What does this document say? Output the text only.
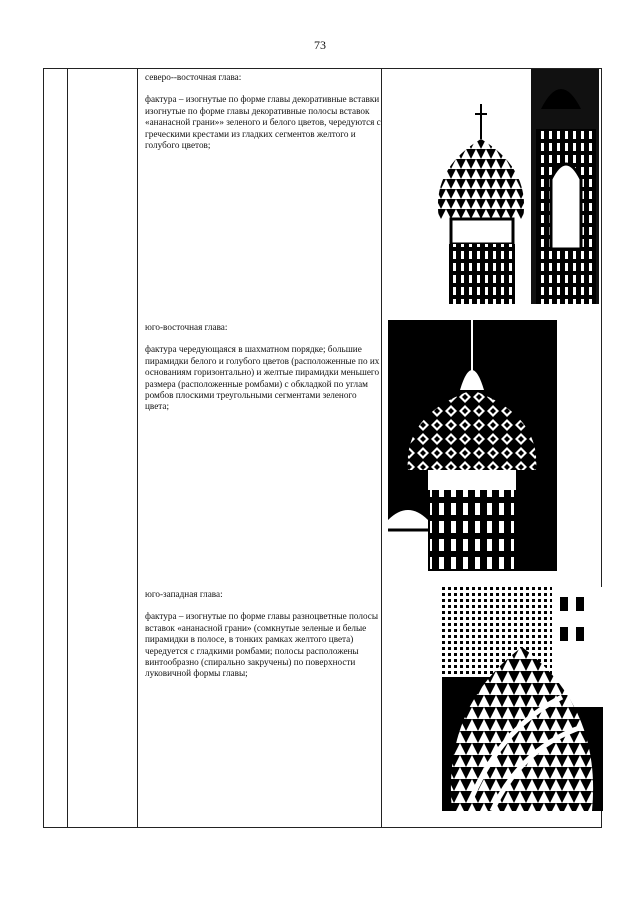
73

северо--восточная глава:

фактура – изогнутые по форме главы декоративные вставки изогнутые по форме главы декоративные полосы вставок «ананасной грани»» зеленого и белого цветов, чередуются с греческими крестами из гладких сегментов желтого и голубого цветов;

юго-восточная глава:

фактура чередующаяся в шахматном порядке; большие пирамидки белого и голубого цветов (расположенные по их основаниям горизонтально) и желтые пирамидки меньшего размера (расположенные ромбами) с обкладкой по углам ромбов плоскими треугольными сегментами зеленого цвета;

юго-западная глава:

фактура – изогнутые по форме главы разноцветные полосы вставок «ананасной грани» (сомкнутые зеленые и белые пирамидки в полосе, в тонких рамках желтого цвета) чередуется с гладкими ромбами; полосы расположены винтообразно (спирально закручены) по поверхности луковичной формы главы;
